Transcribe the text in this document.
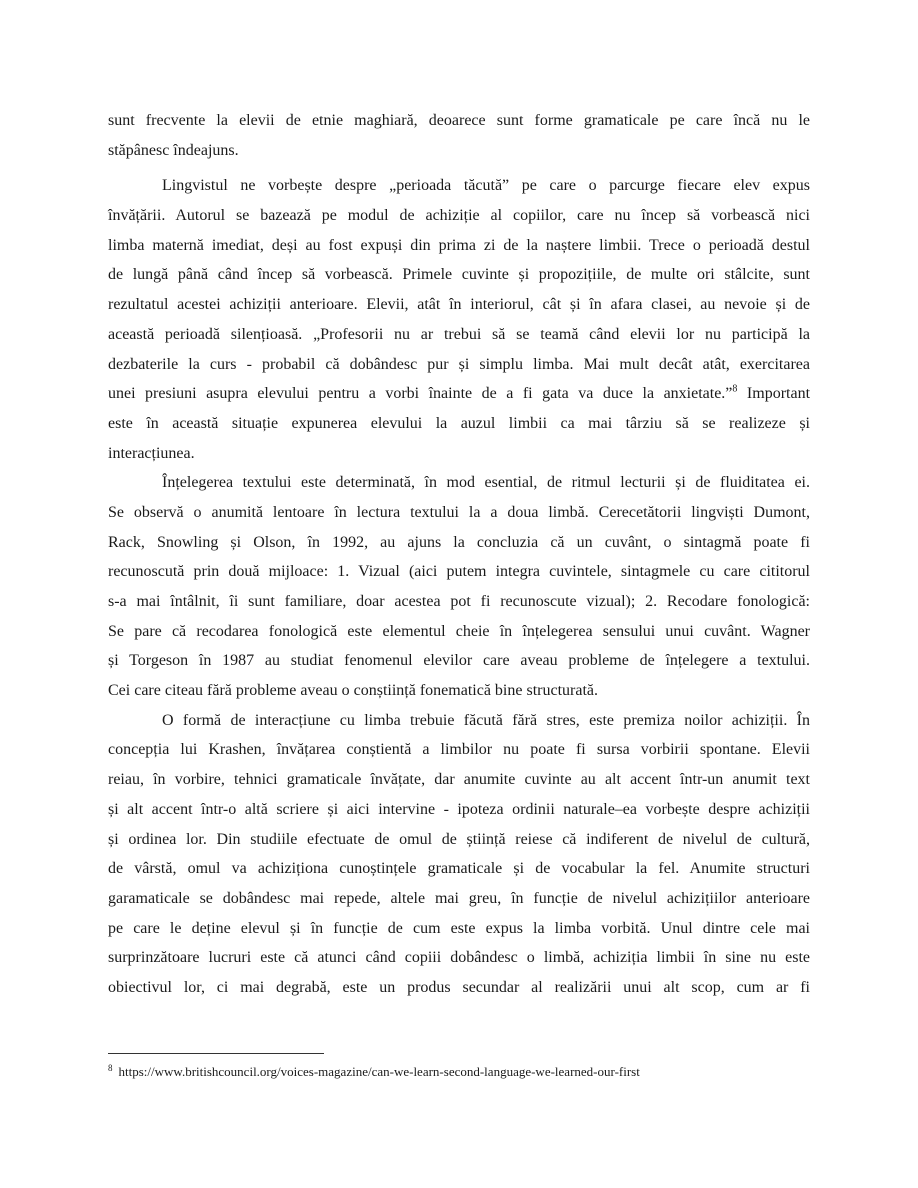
sunt frecvente la elevii de etnie maghiară, deoarece sunt forme gramaticale pe care încă nu le
stăpânesc îndeajuns.
Lingvistul ne vorbește despre „perioada tăcută” pe care o parcurge fiecare elev expus
învățării. Autorul se bazează pe modul de achiziție al copiilor, care nu încep să vorbească nici
limba maternă imediat, deși au fost expuși din prima zi de la naștere limbii. Trece o perioadă destul
de lungă până când încep să vorbească. Primele cuvinte și propozițiile, de multe ori stâlcite, sunt
rezultatul acestei achiziții anterioare. Elevii, atât în interiorul, cât și în afara clasei, au nevoie și de
această perioadă silențioasă. „Profesorii nu ar trebui să se teamă când elevii lor nu participă la
dezbaterile la curs - probabil că dobândesc pur și simplu limba. Mai mult decât atât, exercitarea
unei presiuni asupra elevului pentru a vorbi înainte de a fi gata va duce la anxietate.”$^8$ Important
este în această situație expunerea elevului la auzul limbii ca mai târziu să se realizeze și
interacțiunea.
Înțelegerea textului este determinată, în mod esential, de ritmul lecturii și de fluiditatea ei.
Se observă o anumită lentoare în lectura textului la a doua limbă. Cerecetătorii lingviști Dumont,
Rack, Snowling și Olson, în 1992, au ajuns la concluzia că un cuvânt, o sintagmă poate fi
recunoscută prin două mijloace: 1. Vizual (aici putem integra cuvintele, sintagmele cu care cititorul
s-a mai întâlnit, îi sunt familiare, doar acestea pot fi recunoscute vizual); 2. Recodare fonologică:
Se pare că recodarea fonologică este elementul cheie în înțelegerea sensului unui cuvânt. Wagner
și Torgeson în 1987 au studiat fenomenul elevilor care aveau probleme de înțelegere a textului.
Cei care citeau fără probleme aveau o conștiință fonematică bine structurată.
O formă de interacțiune cu limba trebuie făcută fără stres, este premiza noilor achiziții. În
concepția lui Krashen, învățarea conștientă a limbilor nu poate fi sursa vorbirii spontane. Elevii
reiau, în vorbire, tehnici gramaticale învățate, dar anumite cuvinte au alt accent într-un anumit text
și alt accent într-o altă scriere și aici intervine - ipoteza ordinii naturale–ea vorbește despre achiziții
și ordinea lor. Din studiile efectuate de omul de știință reiese că indiferent de nivelul de cultură,
de vârstă, omul va achiziționa cunoștințele gramaticale și de vocabular la fel. Anumite structuri
garamaticale se dobândesc mai repede, altele mai greu, în funcție de nivelul achizițiilor anterioare
pe care le deține elevul și în funcție de cum este expus la limba vorbită. Unul dintre cele mai
surprinzătoare lucruri este că atunci când copiii dobândesc o limbă, achiziția limbii în sine nu este
obiectivul lor, ci mai degrabă, este un produs secundar al realizării unui alt scop, cum ar fi
$^8$ https://www.britishcouncil.org/voices-magazine/can-we-learn-second-language-we-learned-our-first
